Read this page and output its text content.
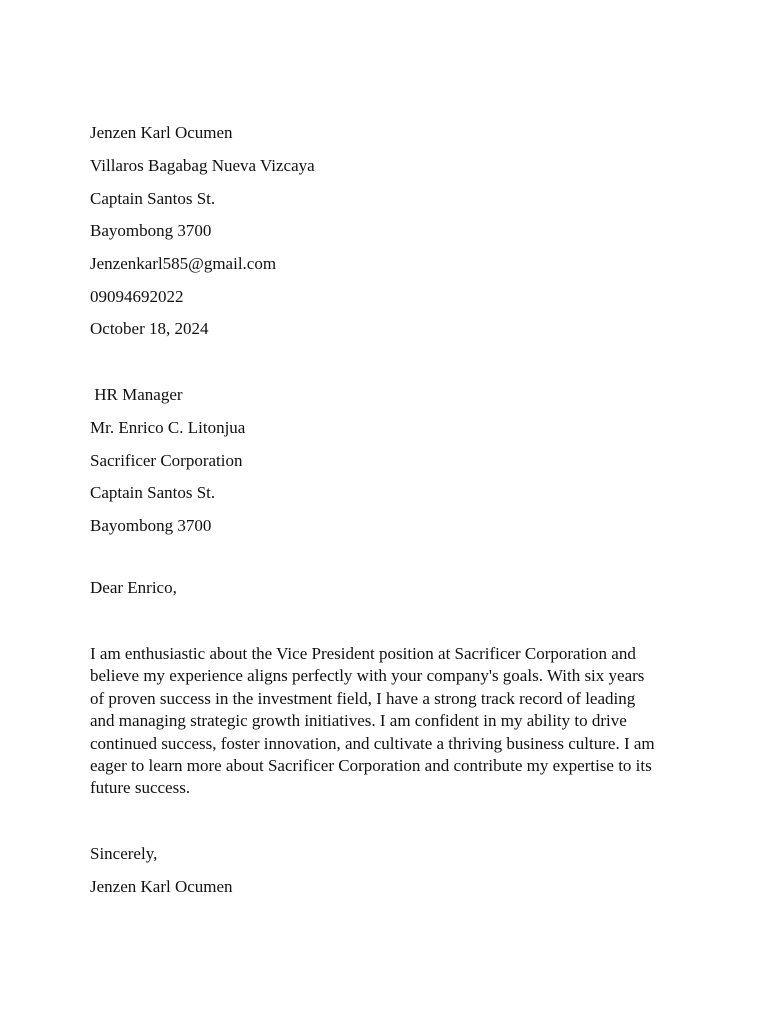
Jenzen Karl Ocumen
Villaros Bagabag Nueva Vizcaya
Captain Santos St.
Bayombong 3700
Jenzenkarl585@gmail.com
09094692022
October 18, 2024
HR Manager
Mr. Enrico C. Litonjua
Sacrificer Corporation
Captain Santos St.
Bayombong 3700
Dear Enrico,

I am enthusiastic about the Vice President position at Sacrificer Corporation and
believe my experience aligns perfectly with your company's goals. With six years
of proven success in the investment field, I have a strong track record of leading
and managing strategic growth initiatives. I am confident in my ability to drive
continued success, foster innovation, and cultivate a thriving business culture. I am
eager to learn more about Sacrificer Corporation and contribute my expertise to its
future success.

Sincerely,
Jenzen Karl Ocumen
